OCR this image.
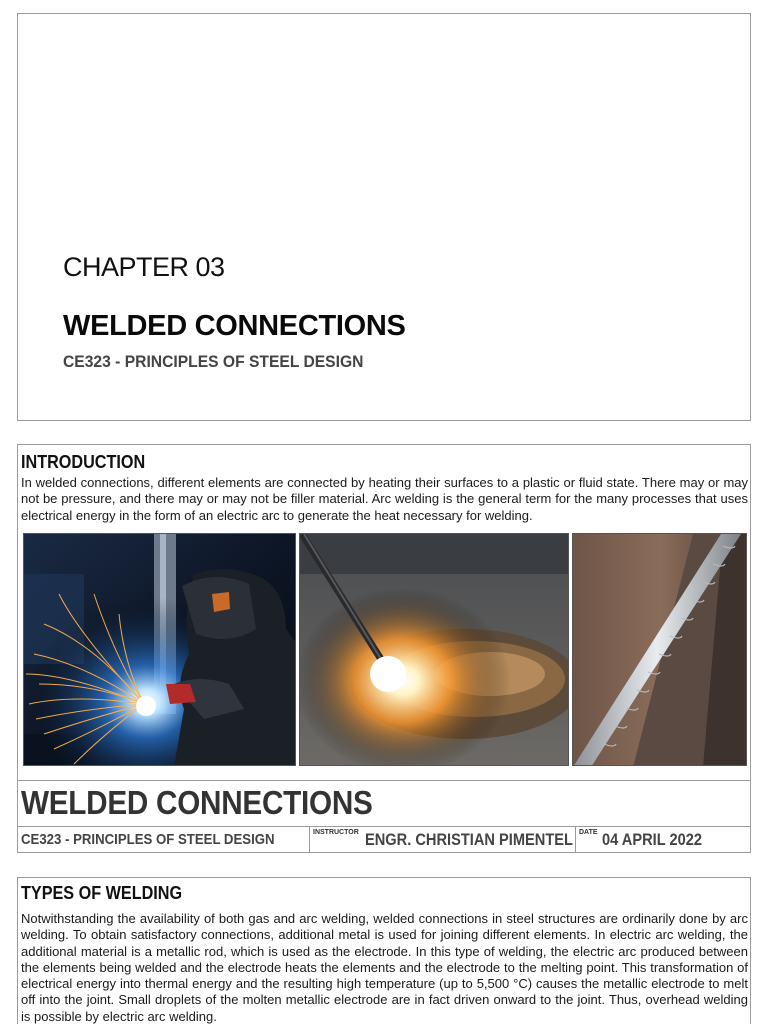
CHAPTER 03
WELDED CONNECTIONS
CE323 - PRINCIPLES OF STEEL DESIGN
INTRODUCTION
In welded connections, different elements are connected by heating their surfaces to a plastic or fluid state. There may or may not be pressure, and there may or may not be filler material. Arc welding is the general term for the many processes that uses electrical energy in the form of an electric arc to generate the heat necessary for welding.
WELDED CONNECTIONS
CE323 - PRINCIPLES OF STEEL DESIGN	INSTRUCTOR ENGR. CHRISTIAN PIMENTEL DATE 04 APRIL 2022
TYPES OF WELDING
Notwithstanding the availability of both gas and arc welding, welded connections in steel structures are ordinarily done by arc welding. To obtain satisfactory connections, additional metal is used for joining different elements. In electric arc welding, the additional material is a metallic rod, which is used as the electrode. In this type of welding, the electric arc produced between the elements being welded and the electrode heats the elements and the electrode to the melting point. This transformation of electrical energy into thermal energy and the resulting high temperature (up to 5,500 °C) causes the metallic electrode to melt off into the joint. Small droplets of the molten metallic electrode are in fact driven onward to the joint. Thus, overhead welding is possible by electric arc welding.
